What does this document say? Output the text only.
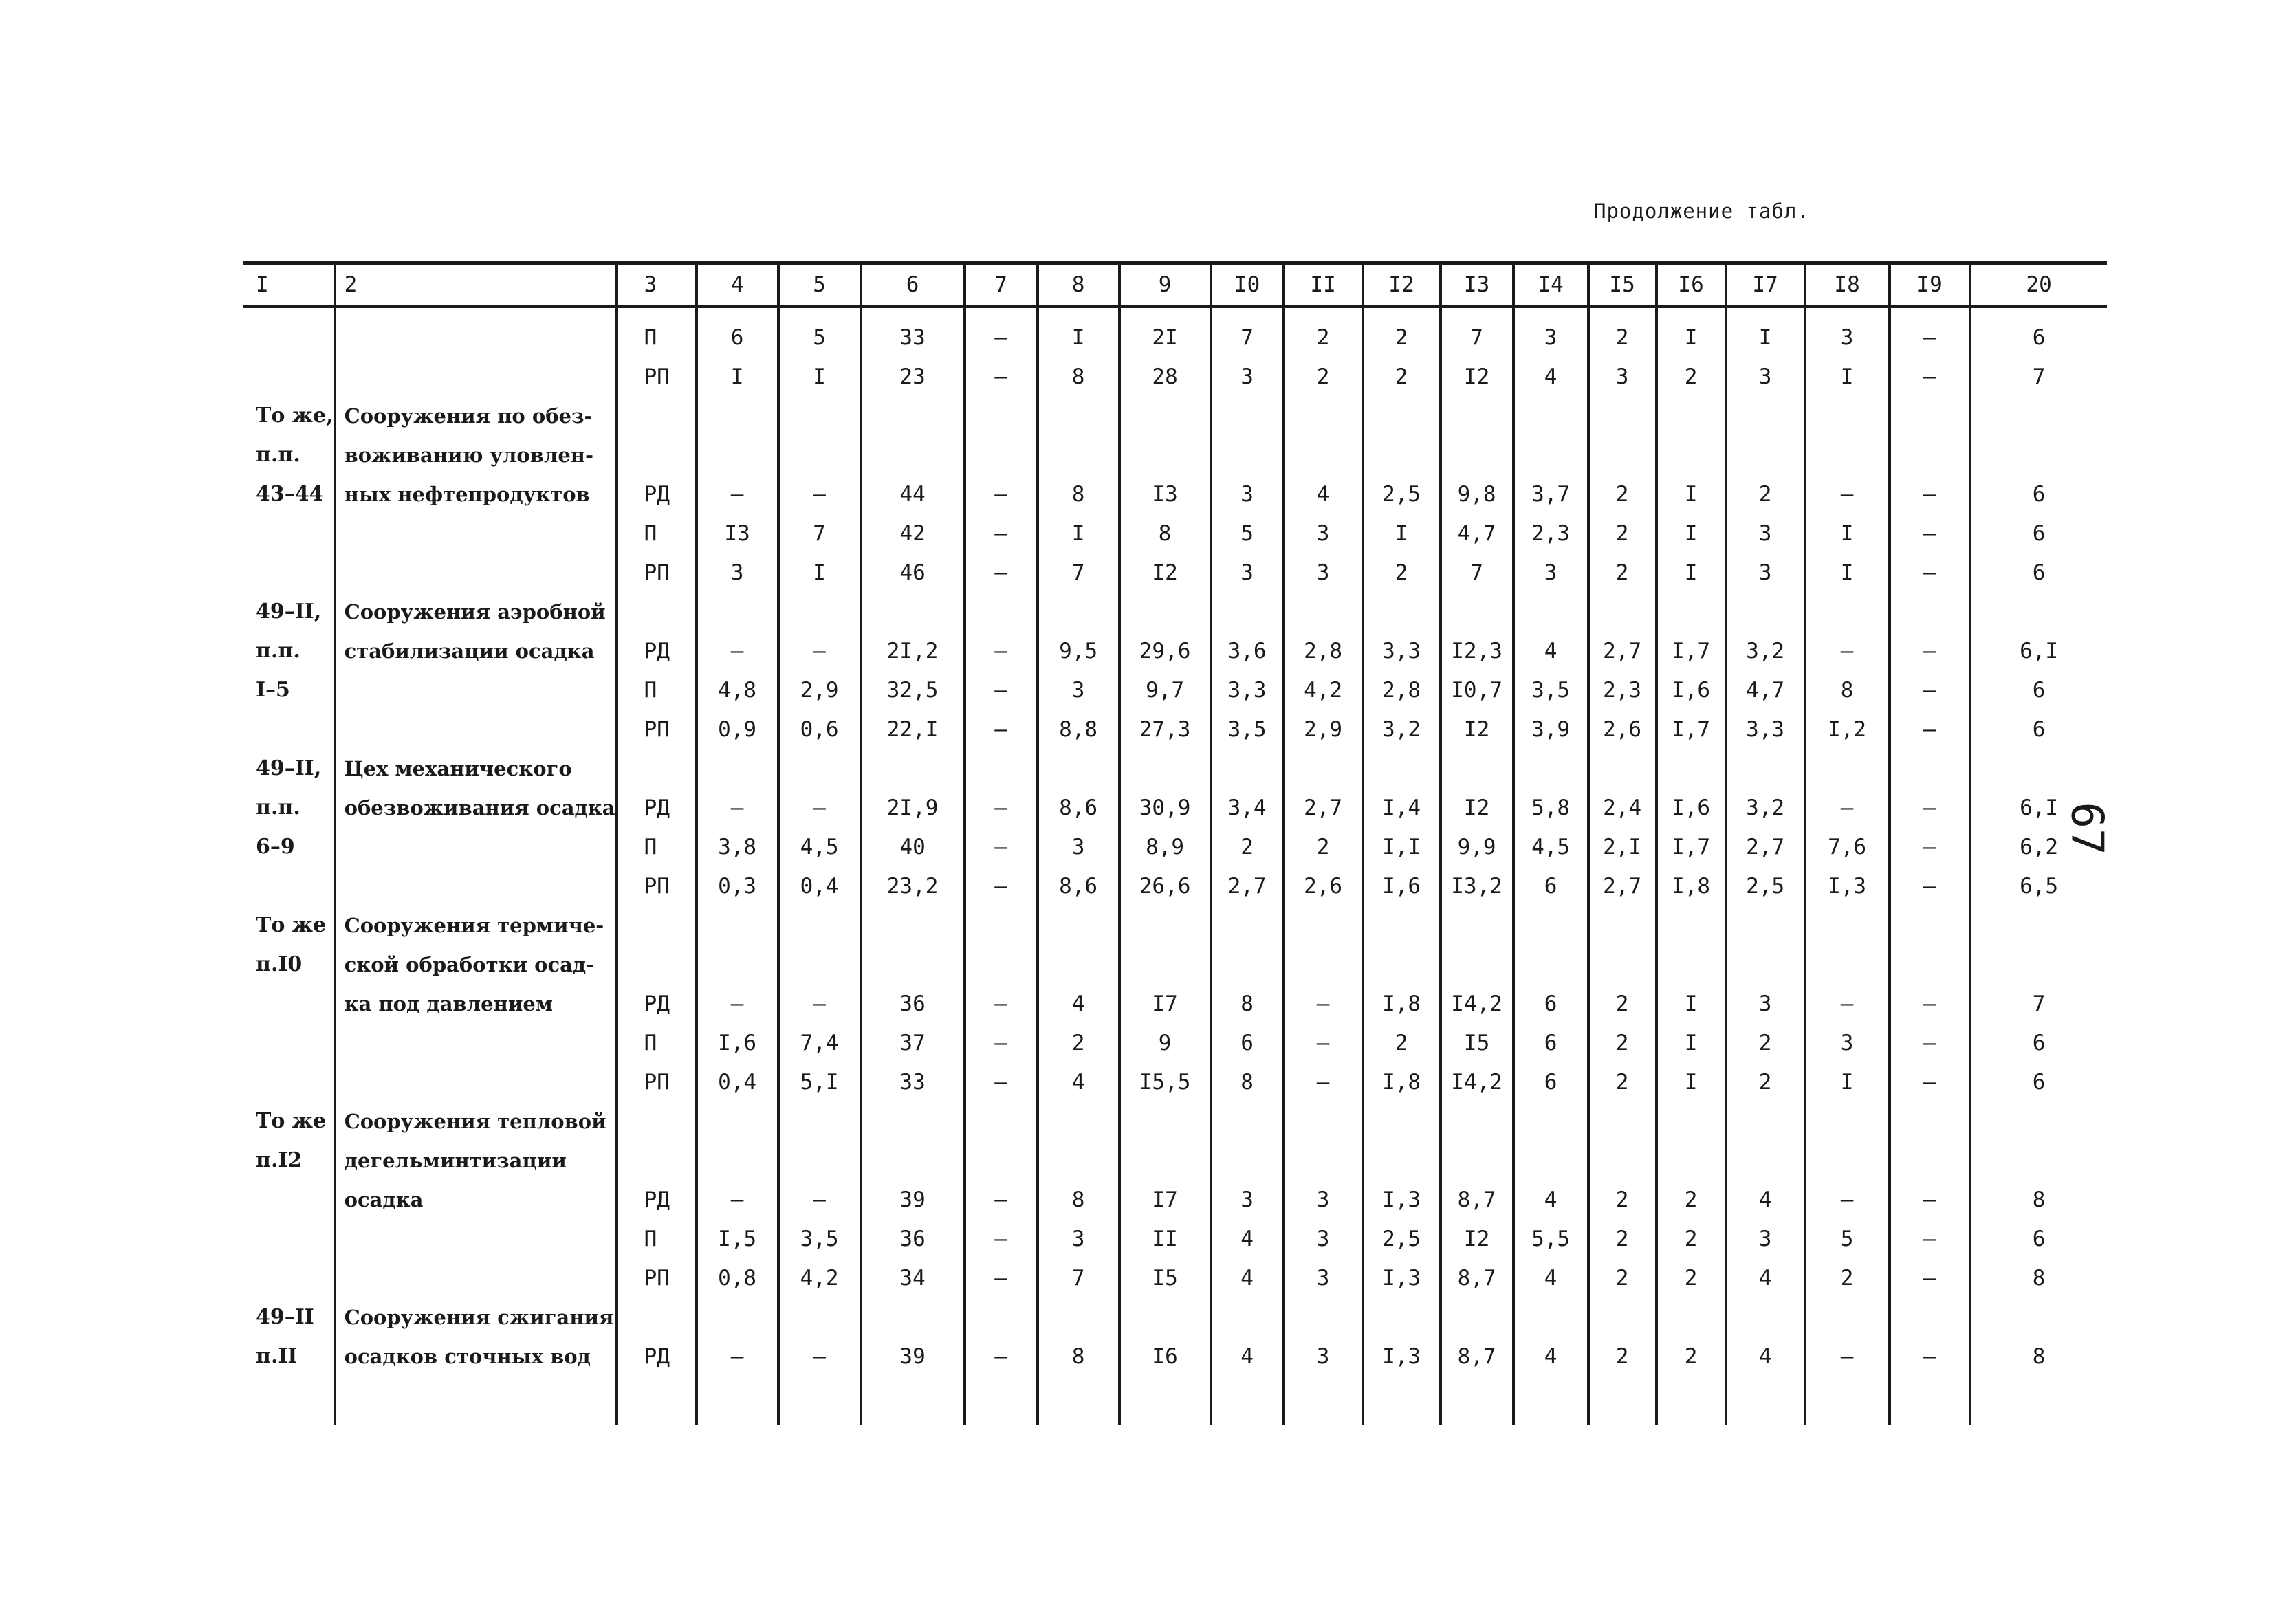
Продолжение табл.
67
I	2	3	4	5	6	7	8	9	I0	II	I2	I3	I4	I5	I6	I7	I8	I9	20

		П	6	5	33	–	I	2I	7	2	2	7	3	2	I	I	3	–	6
		РП	I	I	23	–	8	28	3	2	2	I2	4	3	2	3	I	–	7
То же,	Сооружения по обез-																		
п.п.	воживанию уловлен-																		
43–44	ных нефтепродуктов	РД	–	–	44	–	8	I3	3	4	2,5	9,8	3,7	2	I	2	–	–	6
		П	I3	7	42	–	I	8	5	3	I	4,7	2,3	2	I	3	I	–	6
		РП	3	I	46	–	7	I2	3	3	2	7	3	2	I	3	I	–	6
49–II,	Сооружения аэробной																		
п.п.	стабилизации осадка	РД	–	–	2I,2	–	9,5	29,6	3,6	2,8	3,3	I2,3	4	2,7	I,7	3,2	–	–	6,I
I–5		П	4,8	2,9	32,5	–	3	9,7	3,3	4,2	2,8	I0,7	3,5	2,3	I,6	4,7	8	–	6
		РП	0,9	0,6	22,I	–	8,8	27,3	3,5	2,9	3,2	I2	3,9	2,6	I,7	3,3	I,2	–	6
49–II,	Цех механического																		
п.п.	обезвоживания осадка	РД	–	–	2I,9	–	8,6	30,9	3,4	2,7	I,4	I2	5,8	2,4	I,6	3,2	–	–	6,I
6–9		П	3,8	4,5	40	–	3	8,9	2	2	I,I	9,9	4,5	2,I	I,7	2,7	7,6	–	6,2
		РП	0,3	0,4	23,2	–	8,6	26,6	2,7	2,6	I,6	I3,2	6	2,7	I,8	2,5	I,3	–	6,5
То же	Сооружения термиче-																		
п.I0	ской обработки осад-																		
	ка под давлением	РД	–	–	36	–	4	I7	8	–	I,8	I4,2	6	2	I	3	–	–	7
		П	I,6	7,4	37	–	2	9	6	–	2	I5	6	2	I	2	3	–	6
		РП	0,4	5,I	33	–	4	I5,5	8	–	I,8	I4,2	6	2	I	2	I	–	6
То же	Сооружения тепловой																		
п.I2	дегельминтизации																		
	осадка	РД	–	–	39	–	8	I7	3	3	I,3	8,7	4	2	2	4	–	–	8
		П	I,5	3,5	36	–	3	II	4	3	2,5	I2	5,5	2	2	3	5	–	6
		РП	0,8	4,2	34	–	7	I5	4	3	I,3	8,7	4	2	2	4	2	–	8
49–II	Сооружения сжигания																		
п.II	осадков сточных вод	РД	–	–	39	–	8	I6	4	3	I,3	8,7	4	2	2	4	–	–	8
